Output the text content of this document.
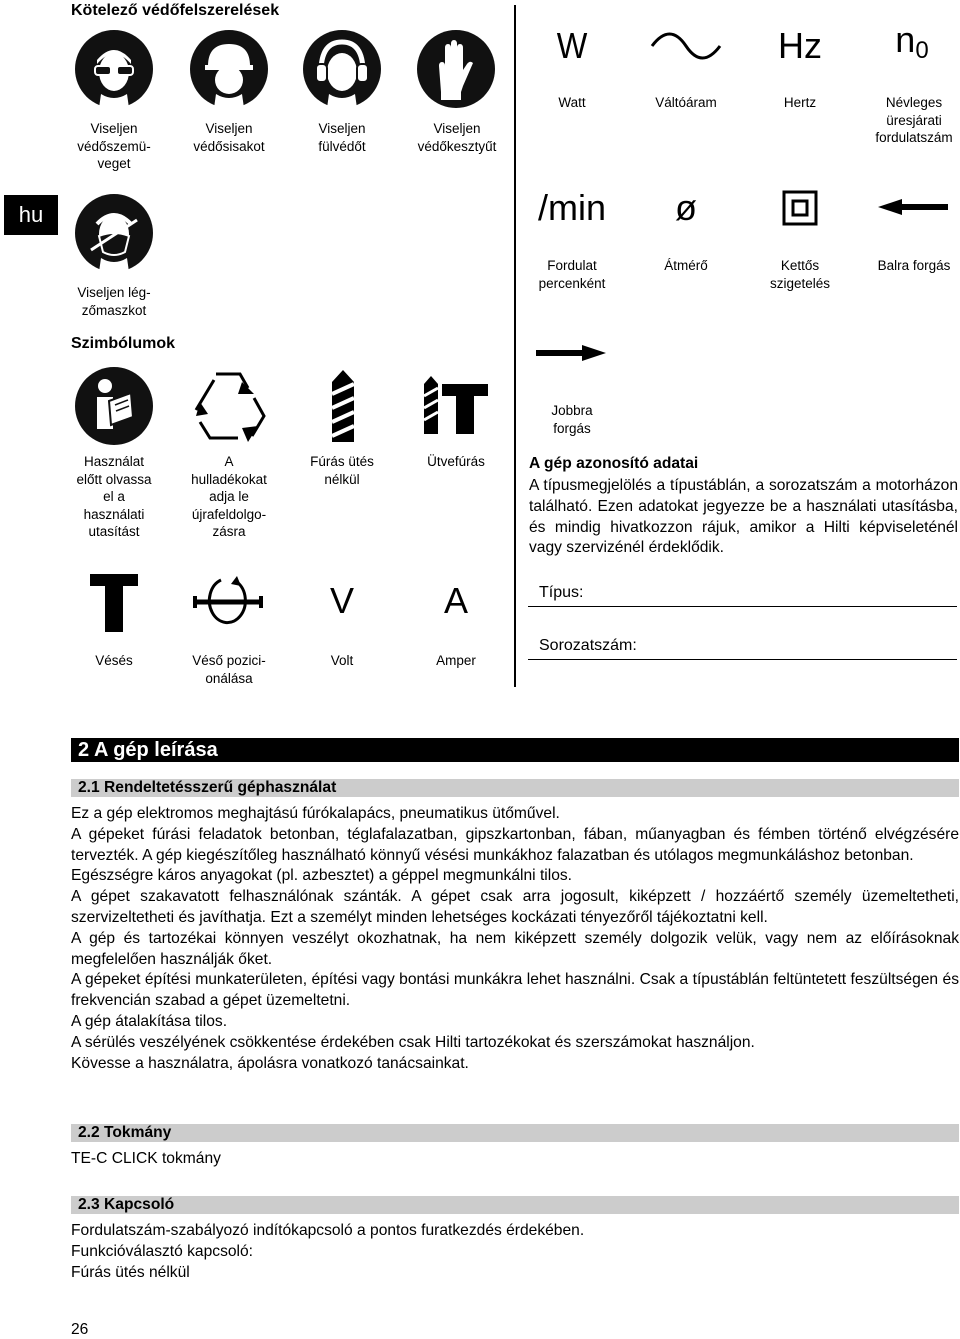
Kötelező védőfelszerelések
Viseljen
védőszemü-
veget
Viseljen
védősisakot
Viseljen
fülvédőt
Viseljen
védőkesztyűt
hu
Viseljen lég-
zőmaszkot
Szimbólumok
Használat
előtt olvassa
el a
használati
utasítást
A
hulladékokat
adja le
újrafeldolgo-
zásra
Fúrás ütés
nélkül
Ütvefúrás
V	A
Vésés	Véső pozici-
onálása
Volt	Amper
W	Hz	n0
Watt	Váltóáram	Hertz	Névleges
üresjárati
fordulatszám
/min	ø
Fordulat
percenként
Átmérő	Kettős
szigetelés
Balra forgás
Jobbra
forgás
A gép azonosító adatai
A típusmegjelölés a típustáblán, a sorozatszám a motorházon található. Ezen adatokat jegyezze be a használati utasításba, és mindig hivatkozzon rájuk, amikor a Hilti képviseleténél vagy szervizénél érdeklődik.
Típus:
Sorozatszám:
2 A gép leírása
2.1 Rendeltetésszerű géphasználat
Ez a gép elektromos meghajtású fúrókalapács, pneumatikus ütőművel.
A gépeket fúrási feladatok betonban, téglafalazatban, gipszkartonban, fában, műanyagban és fémben történő elvégzésére tervezték. A gép kiegészítőleg használható könnyű vésési munkákhoz falazatban és utólagos megmunkáláshoz betonban.
Egészségre káros anyagokat (pl. azbesztet) a géppel megmunkálni tilos.
A gépet szakavatott felhasználónak szánták. A gépet csak arra jogosult, kiképzett / hozzáértő személy üzemeltetheti, szervizeltetheti és javíthatja. Ezt a személyt minden lehetséges kockázati tényezőről tájékoztatni kell.
A gép és tartozékai könnyen veszélyt okozhatnak, ha nem kiképzett személy dolgozik velük, vagy nem az előírásoknak megfelelően használják őket.
A gépeket építési munkaterületen, építési vagy bontási munkákra lehet használni. Csak a típustáblán feltüntetett feszültségen és frekvencián szabad a gépet üzemeltetni.
A gép átalakítása tilos.
A sérülés veszélyének csökkentése érdekében csak Hilti tartozékokat és szerszámokat használjon.
Kövesse a használatra, ápolásra vonatkozó tanácsainkat.
2.2 Tokmány
TE-C CLICK tokmány
2.3 Kapcsoló
Fordulatszám-szabályozó indítókapcsoló a pontos furatkezdés érdekében.
Funkcióválasztó kapcsoló:
Fúrás ütés nélkül
26
